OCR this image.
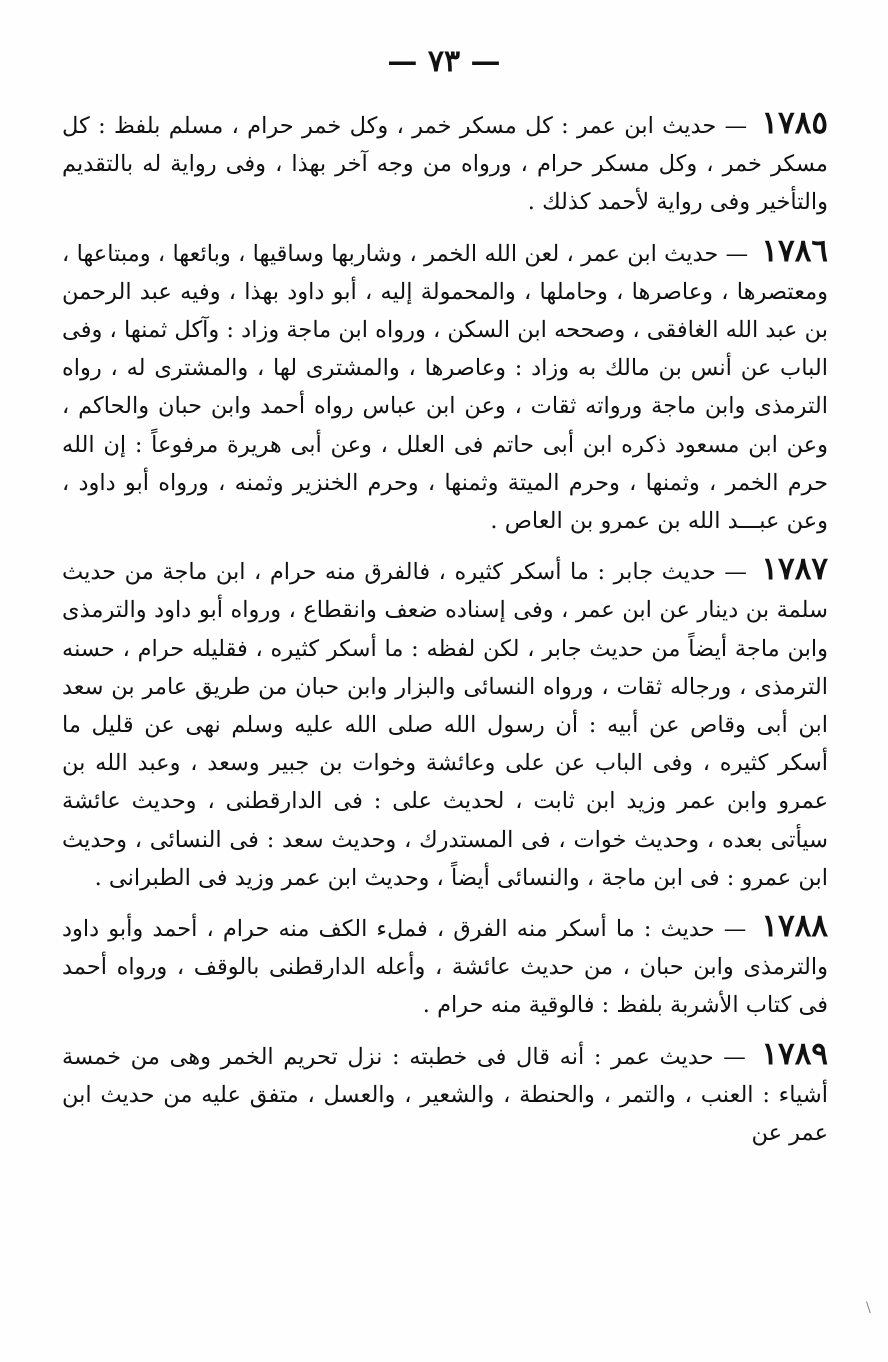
— ٧٣ —

١٧٨٥ — حديث ابن عمر : كل مسكر خمر ، وكل خمر حرام ، مسلم بلفظ : كل مسكر خمر ، وكل مسكر حرام ، ورواه من وجه آخر بهذا ، وفى رواية له بالتقديم والتأخير وفى رواية لأحمد كذلك .

١٧٨٦ — حديث ابن عمر ، لعن الله الخمر ، وشاربها وساقيها ، وبائعها ، ومبتاعها ، ومعتصرها ، وعاصرها ، وحاملها ، والمحمولة إليه ، أبو داود بهذا ، وفيه عبد الرحمن بن عبد الله الغافقى ، وصححه ابن السكن ، ورواه ابن ماجة وزاد : وآكل ثمنها ، وفى الباب عن أنس بن مالك به وزاد : وعاصرها ، والمشترى لها ، والمشترى له ، رواه الترمذى وابن ماجة ورواته ثقات ، وعن ابن عباس رواه أحمد وابن حبان والحاكم ، وعن ابن مسعود ذكره ابن أبى حاتم فى العلل ، وعن أبى هريرة مرفوعاً : إن الله حرم الخمر ، وثمنها ، وحرم الميتة وثمنها ، وحرم الخنزير وثمنه ، ورواه أبو داود ، وعن عبـــد الله بن عمرو بن العاص .

١٧٨٧ — حديث جابر : ما أسكر كثيره ، فالفرق منه حرام ، ابن ماجة من حديث سلمة بن دينار عن ابن عمر ، وفى إسناده ضعف وانقطاع ، ورواه أبو داود والترمذى وابن ماجة أيضاً من حديث جابر ، لكن لفظه : ما أسكر كثيره ، فقليله حرام ، حسنه الترمذى ، ورجاله ثقات ، ورواه النسائى والبزار وابن حبان من طريق عامر بن سعد ابن أبى وقاص عن أبيه : أن رسول الله صلى الله عليه وسلم نهى عن قليل ما أسكر كثيره ، وفى الباب عن على وعائشة وخوات بن جبير وسعد ، وعبد الله بن عمرو وابن عمر وزيد ابن ثابت ، لحديث على : فى الدارقطنى ، وحديث عائشة سيأتى بعده ، وحديث خوات ، فى المستدرك ، وحديث سعد : فى النسائى ، وحديث ابن عمرو : فى ابن ماجة ، والنسائى أيضاً ، وحديث ابن عمر وزيد فى الطبرانى .

١٧٨٨ — حديث : ما أسكر منه الفرق ، فملء الكف منه حرام ، أحمد وأبو داود والترمذى وابن حبان ، من حديث عائشة ، وأعله الدارقطنى بالوقف ، ورواه أحمد فى كتاب الأشربة بلفظ : فالوقية منه حرام .

١٧٨٩ — حديث عمر : أنه قال فى خطبته : نزل تحريم الخمر وهى من خمسة أشياء : العنب ، والتمر ، والحنطة ، والشعير ، والعسل ، متفق عليه من حديث ابن عمر عن

\
